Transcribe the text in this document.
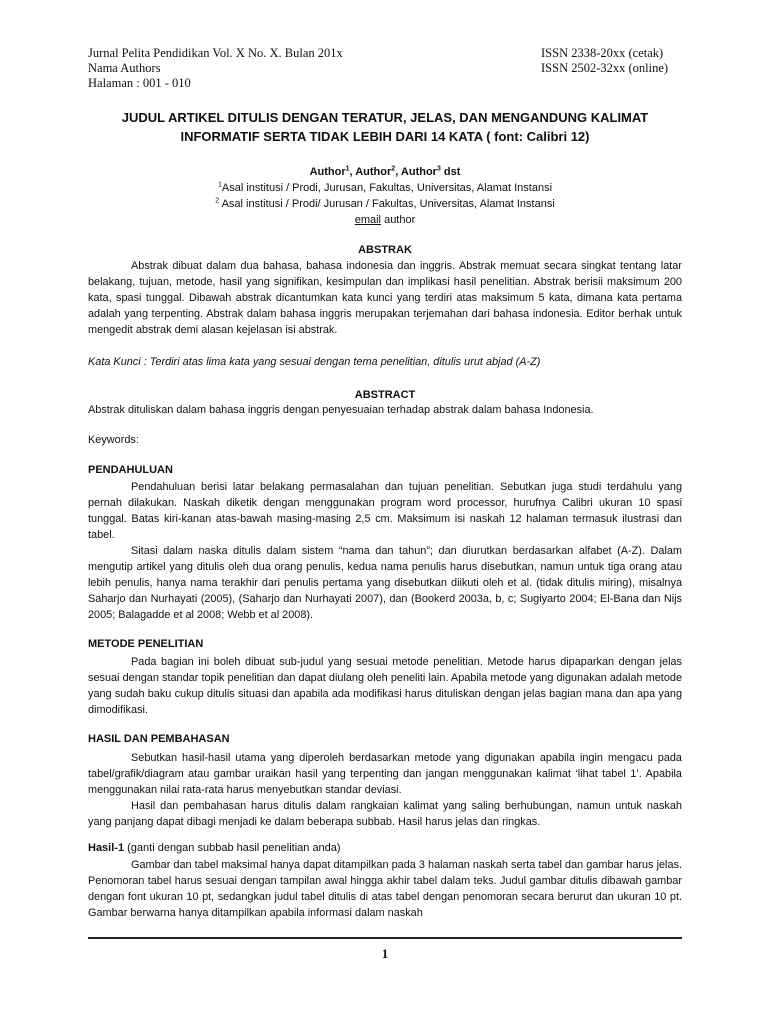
Jurnal Pelita Pendidikan Vol. X No. X. Bulan 201x
Nama Authors
Halaman : 001 - 010
ISSN 2338-20xx (cetak)
ISSN 2502-32xx (online)
JUDUL ARTIKEL DITULIS DENGAN TERATUR, JELAS, DAN MENGANDUNG KALIMAT INFORMATIF SERTA TIDAK LEBIH DARI 14 KATA ( font: Calibri 12)
Author$^1$, Author$^2$, Author$^3$ dst
$^1$Asal institusi / Prodi, Jurusan, Fakultas, Universitas, Alamat Instansi
$^2$ Asal institusi / Prodi/ Jurusan / Fakultas, Universitas, Alamat Instansi
email author
ABSTRAK

Abstrak dibuat dalam dua bahasa, bahasa indonesia dan inggris. Abstrak memuat secara singkat tentang latar belakang, tujuan, metode, hasil yang signifikan, kesimpulan dan implikasi hasil penelitian. Abstrak berisii maksimum 200 kata, spasi tunggal. Dibawah abstrak dicantumkan kata kunci yang terdiri atas maksimum 5 kata, dimana kata pertama adalah yang terpenting. Abstrak dalam bahasa inggris merupakan terjemahan dari bahasa indonesia. Editor berhak untuk mengedit abstrak demi alasan kejelasan isi abstrak.

Kata Kunci : Terdiri atas lima kata yang sesuai dengan tema penelitian, ditulis urut abjad (A-Z)

ABSTRACT

Abstrak dituliskan dalam bahasa inggris dengan penyesuaian terhadap abstrak dalam bahasa Indonesia.

Keywords:

PENDAHULUAN

Pendahuluan berisi latar belakang permasalahan dan tujuan penelitian. Sebutkan juga studi terdahulu yang pernah dilakukan. Naskah diketik dengan menggunakan program word processor, hurufnya Calibri ukuran 10 spasi tunggal. Batas kiri-kanan atas-bawah masing-masing 2,5 cm. Maksimum isi naskah 12 halaman termasuk ilustrasi dan tabel.

Sitasi dalam naska ditulis dalam sistem “nama dan tahun”; dan diurutkan berdasarkan alfabet (A-Z). Dalam mengutip artikel yang ditulis oleh dua orang penulis, kedua nama penulis harus disebutkan, namun untuk tiga orang atau lebih penulis, hanya nama terakhir dari penulis pertama yang disebutkan diikuti oleh et al. (tidak ditulis miring), misalnya Saharjo dan Nurhayati (2005), (Saharjo dan Nurhayati 2007), dan (Bookerd 2003a, b, c; Sugiyarto 2004; El-Bana dan Nijs 2005; Balagadde et al 2008; Webb et al 2008).

METODE PENELITIAN

Pada bagian ini boleh dibuat sub-judul yang sesuai metode penelitian. Metode harus dipaparkan dengan jelas sesuai dengan standar topik penelitian dan dapat diulang oleh peneliti lain. Apabila metode yang digunakan adalah metode yang sudah baku cukup ditulis situasi dan apabila ada modifikasi harus dituliskan dengan jelas bagian mana dan apa yang dimodifikasi.

HASIL DAN PEMBAHASAN

Sebutkan hasil-hasil utama yang diperoleh berdasarkan metode yang digunakan apabila ingin mengacu pada tabel/grafik/diagram atau gambar uraikan hasil yang terpenting dan jangan menggunakan kalimat ‘lihat tabel 1’. Apabila menggunakan nilai rata-rata harus menyebutkan standar deviasi.

Hasil dan pembahasan harus ditulis dalam rangkaian kalimat yang saling berhubungan, namun untuk naskah yang panjang dapat dibagi menjadi ke dalam beberapa subbab. Hasil harus jelas dan ringkas.

Hasil-1 (ganti dengan subbab hasil penelitian anda)

Gambar dan tabel maksimal hanya dapat ditampilkan pada 3 halaman naskah serta tabel dan gambar harus jelas. Penomoran tabel harus sesuai dengan tampilan awal hingga akhir tabel dalam teks. Judul gambar ditulis dibawah gambar dengan font ukuran 10 pt, sedangkan judul tabel ditulis di atas tabel dengan penomoran secara berurut dan ukuran 10 pt. Gambar berwarna hanya ditampilkan apabila informasi dalam naskah

1
